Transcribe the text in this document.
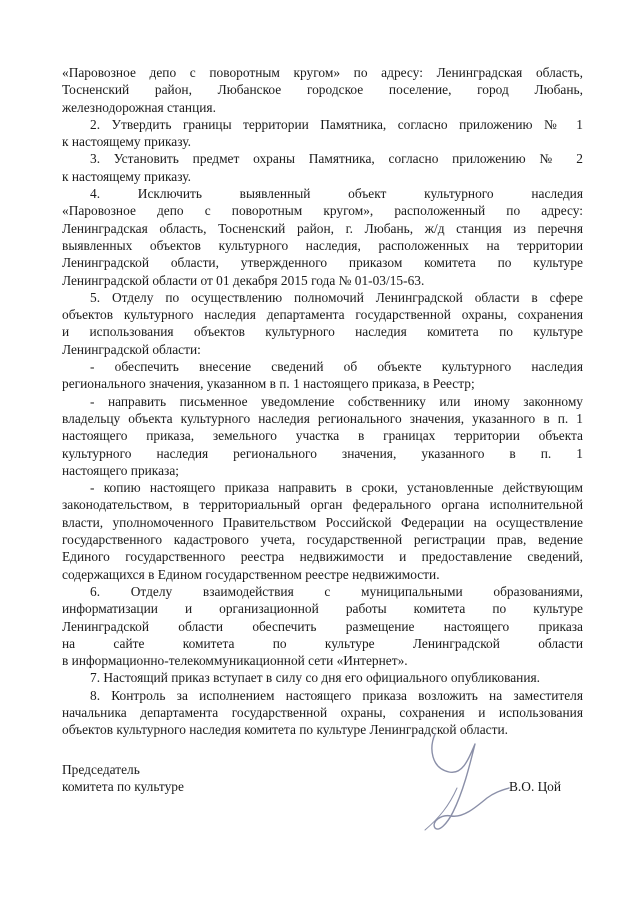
«Паровозное депо с поворотным кругом» по адресу: Ленинградская область,
Тосненский район, Любанское городское поселение, город Любань,
железнодорожная станция.
2. Утвердить границы территории Памятника, согласно приложению № 1
к настоящему приказу.
3. Установить предмет охраны Памятника, согласно приложению № 2
к настоящему приказу.
4. Исключить выявленный объект культурного наследия
«Паровозное депо с поворотным кругом», расположенный по адресу:
Ленинградская область, Тосненский район, г. Любань, ж/д станция из перечня
выявленных объектов культурного наследия, расположенных на территории
Ленинградской области, утвержденного приказом комитета по культуре
Ленинградской области от 01 декабря 2015 года № 01-03/15-63.
5. Отделу по осуществлению полномочий Ленинградской области в сфере
объектов культурного наследия департамента государственной охраны, сохранения
и использования объектов культурного наследия комитета по культуре
Ленинградской области:
- обеспечить внесение сведений об объекте культурного наследия
регионального значения, указанном в п. 1 настоящего приказа, в Реестр;
- направить письменное уведомление собственнику или иному законному
владельцу объекта культурного наследия регионального значения, указанного в п. 1
настоящего приказа, земельного участка в границах территории объекта
культурного наследия регионального значения, указанного в п. 1
настоящего приказа;
- копию настоящего приказа направить в сроки, установленные действующим
законодательством, в территориальный орган федерального органа исполнительной
власти, уполномоченного Правительством Российской Федерации на осуществление
государственного кадастрового учета, государственной регистрации прав, ведение
Единого государственного реестра недвижимости и предоставление сведений,
содержащихся в Едином государственном реестре недвижимости.
6. Отделу взаимодействия с муниципальными образованиями,
информатизации и организационной работы комитета по культуре
Ленинградской области обеспечить размещение настоящего приказа
на сайте комитета по культуре Ленинградской области
в информационно-телекоммуникационной сети «Интернет».
7. Настоящий приказ вступает в силу со дня его официального опубликования.
8. Контроль за исполнением настоящего приказа возложить на заместителя
начальника департамента государственной охраны, сохранения и использования
объектов культурного наследия комитета по культуре Ленинградской области.
Председатель
комитета по культуре	В.О. Цой
